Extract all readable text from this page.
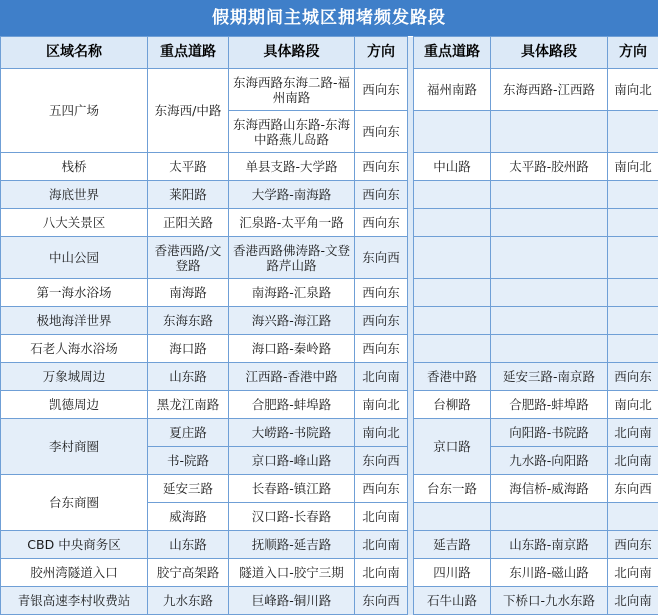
假期期间主城区拥堵频发路段
区域名称	重点道路	具体路段	方向		重点道路	具体路段	方向
五四广场	东海西/中路	东海西路东海二路-福州南路	西向东		福州南路	东海西路-江西路	南向北
		东海西路山东路-东海中路燕儿岛路	西向东				
栈桥	太平路	单县支路-大学路	西向东		中山路	太平路-胶州路	南向北
海底世界	莱阳路	大学路-南海路	西向东				
八大关景区	正阳关路	汇泉路-太平角一路	西向东				
中山公园	香港西路/文登路	香港西路佛涛路-文登路芹山路	东向西				
第一海水浴场	南海路	南海路-汇泉路	西向东				
极地海洋世界	东海东路	海兴路-海江路	西向东				
石老人海水浴场	海口路	海口路-秦岭路	西向东				
万象城周边	山东路	江西路-香港中路	北向南		香港中路	延安三路-南京路	西向东
凯德周边	黑龙江南路	合肥路-蚌埠路	南向北		台柳路	合肥路-蚌埠路	南向北
李村商圈	夏庄路	大崂路-书院路	南向北		京口路	向阳路-书院路	北向南
	书-院路	京口路-峰山路	东向西			九水路-向阳路	北向南
台东商圈	延安三路	长春路-镇江路	西向东		台东一路	海信桥-威海路	东向西
	威海路	汉口路-长春路	北向南				
CBD 中央商务区	山东路	抚顺路-延吉路	北向南		延吉路	山东路-南京路	西向东
胶州湾隧道入口	胶宁高架路	隧道入口-胶宁三期	北向南		四川路	东川路-磁山路	北向南
青银高速李村收费站	九水东路	巨峰路-铜川路	东向西		石牛山路	下桥口-九水东路	北向南
